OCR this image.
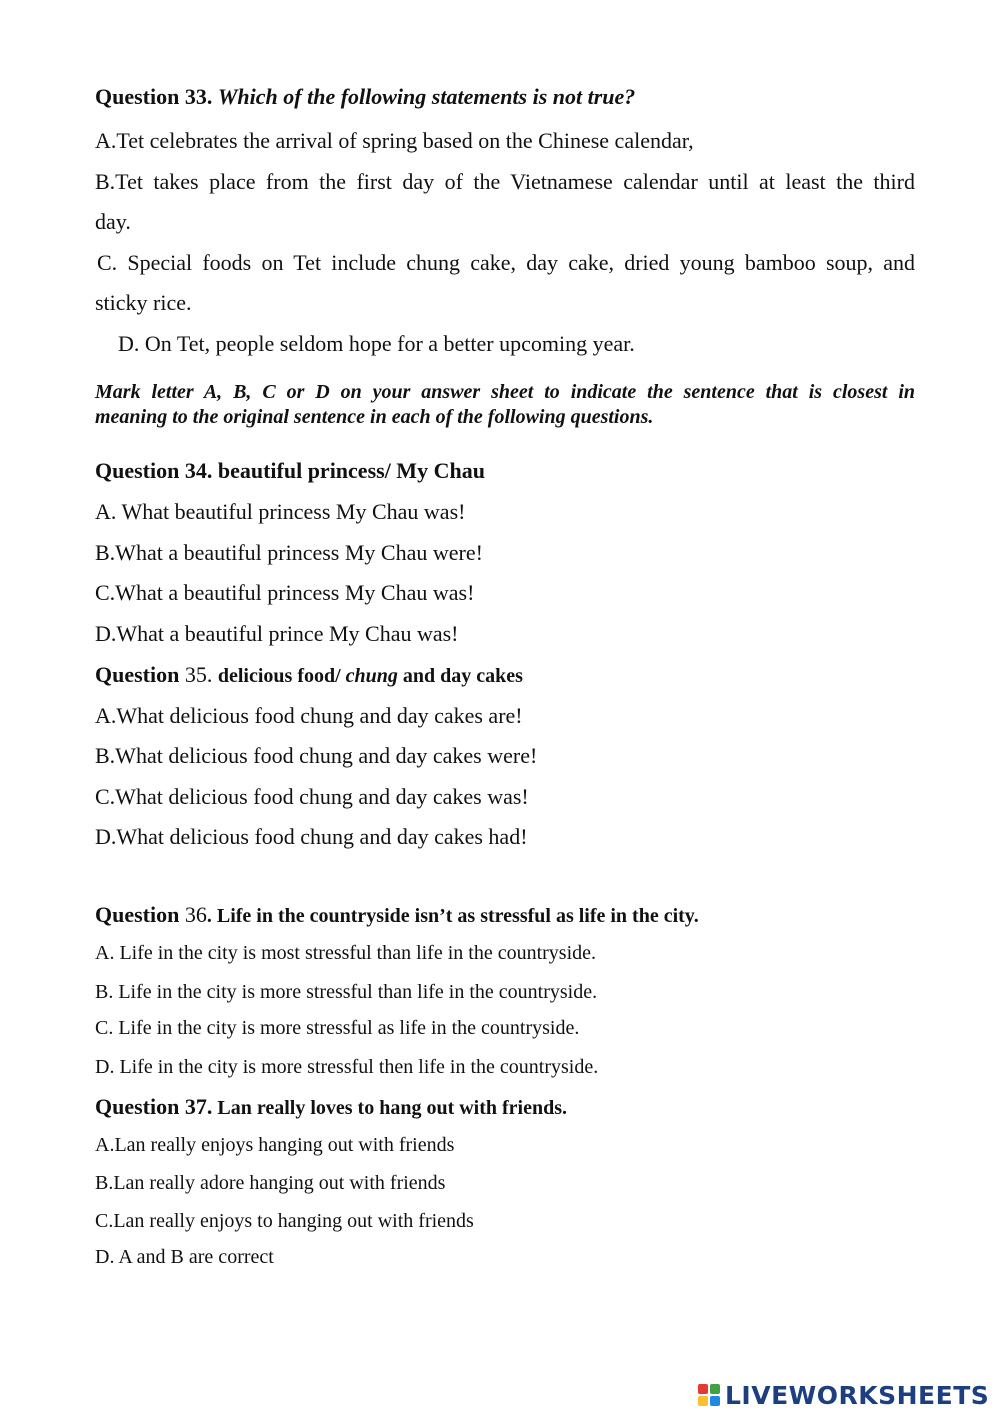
Question 33. Which of the following statements is not true?
A.Tet celebrates the arrival of spring based on the Chinese calendar,
B.Tet takes place from the first day of the Vietnamese calendar until at least the third
day.
C. Special foods on Tet include chung cake, day cake, dried young bamboo soup, and
sticky rice.
D. On Tet, people seldom hope for a better upcoming year.
Mark letter A, B, C or D on your answer sheet to indicate the sentence that is closest in
meaning to the original sentence in each of the following questions.
Question 34. beautiful princess/ My Chau
A. What beautiful princess My Chau was!
B.What a beautiful princess My Chau were!
C.What a beautiful princess My Chau was!
D.What a beautiful prince My Chau was!
Question 35. delicious food/ chung and day cakes
A.What delicious food chung and day cakes are!
B.What delicious food chung and day cakes were!
C.What delicious food chung and day cakes was!
D.What delicious food chung and day cakes had!
Question 36. Life in the countryside isn’t as stressful as life in the city.
A. Life in the city is most stressful than life in the countryside.
B. Life in the city is more stressful than life in the countryside.
C. Life in the city is more stressful as life in the countryside.
D. Life in the city is more stressful then life in the countryside.
Question 37. Lan really loves to hang out with friends.
A.Lan really enjoys hanging out with friends
B.Lan really adore hanging out with friends
C.Lan really enjoys to hanging out with friends
D. A and B are correct
LIVEWORKSHEETS
